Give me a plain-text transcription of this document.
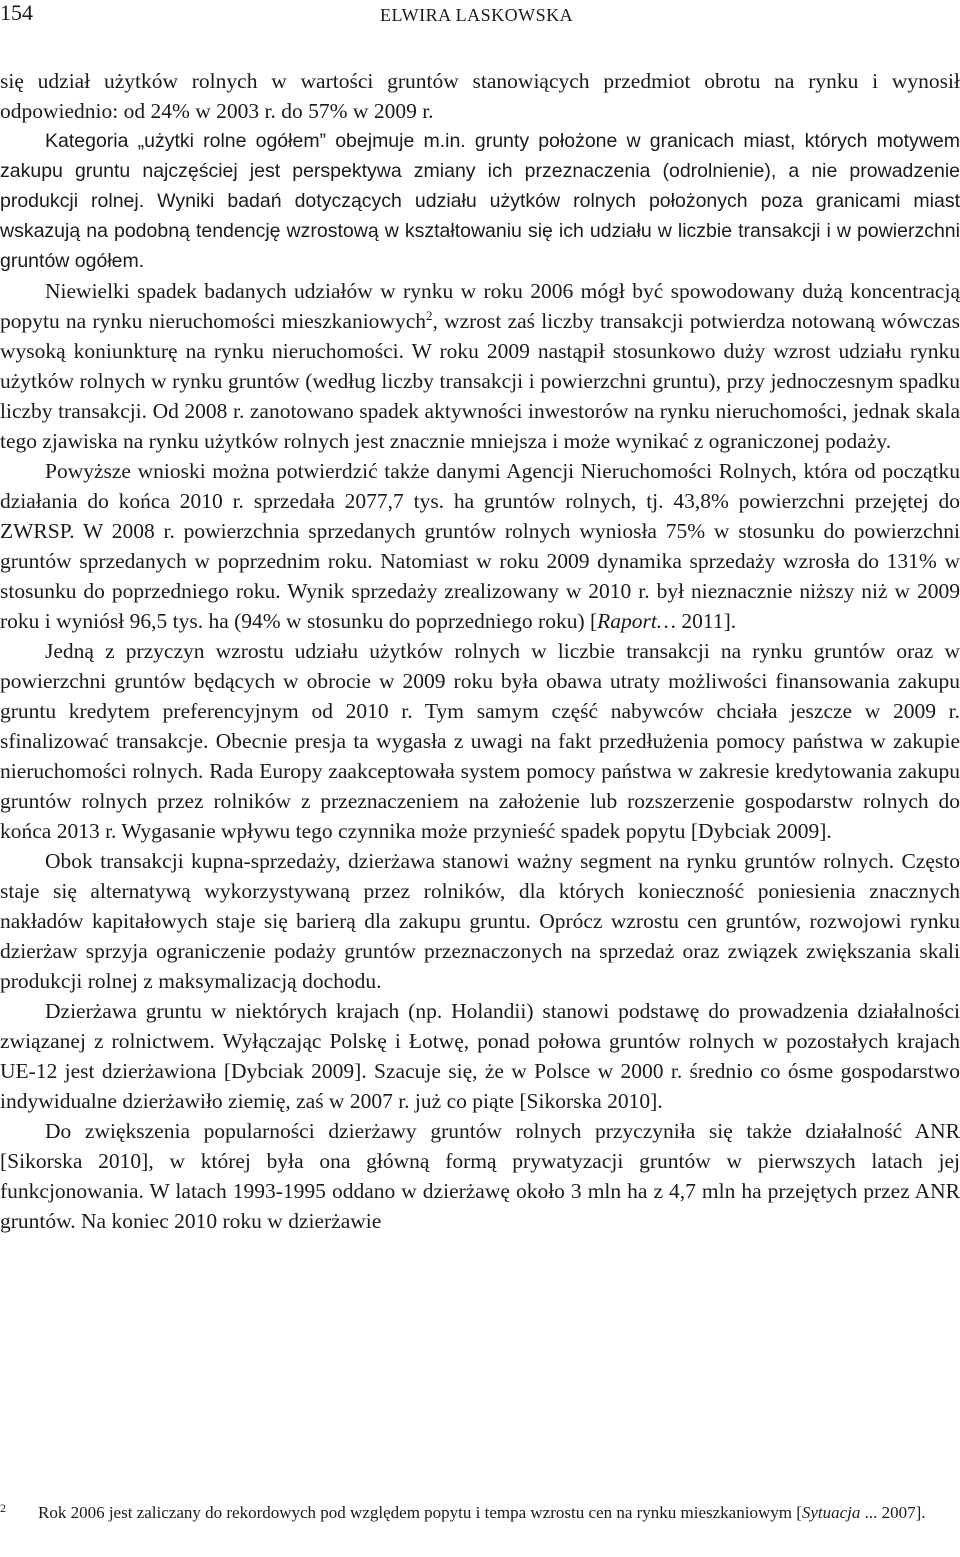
154	ELWIRA LASKOWSKA

się udział użytków rolnych w wartości gruntów stanowiących przedmiot obrotu na rynku i wynosił odpowiednio: od 24% w 2003 r. do 57% w 2009 r.

Kategoria „użytki rolne ogółem” obejmuje m.in. grunty położone w granicach miast, których motywem zakupu gruntu najczęściej jest perspektywa zmiany ich przeznaczenia (odrolnienie), a nie prowadzenie produkcji rolnej. Wyniki badań dotyczących udziału użytków rolnych położonych poza granicami miast wskazują na podobną tendencję wzrostową w kształtowaniu się ich udziału w liczbie transakcji i w powierzchni gruntów ogółem.

Niewielki spadek badanych udziałów w rynku w roku 2006 mógł być spowodowany dużą koncentracją popytu na rynku nieruchomości mieszkaniowych$^2$, wzrost zaś liczby transakcji potwierdza notowaną wówczas wysoką koniunkturę na rynku nieruchomości. W roku 2009 nastąpił stosunkowo duży wzrost udziału rynku użytków rolnych w rynku gruntów (według liczby transakcji i powierzchni gruntu), przy jednoczesnym spadku liczby transakcji. Od 2008 r. zanotowano spadek aktywności inwestorów na rynku nieruchomości, jednak skala tego zjawiska na rynku użytków rolnych jest znacznie mniejsza i może wynikać z ograniczonej podaży.

Powyższe wnioski można potwierdzić także danymi Agencji Nieruchomości Rolnych, która od początku działania do końca 2010 r. sprzedała 2077,7 tys. ha gruntów rolnych, tj. 43,8% powierzchni przejętej do ZWRSP. W 2008 r. powierzchnia sprzedanych gruntów rolnych wyniosła 75% w stosunku do powierzchni gruntów sprzedanych w poprzednim roku. Natomiast w roku 2009 dynamika sprzedaży wzrosła do 131% w stosunku do poprzedniego roku. Wynik sprzedaży zrealizowany w 2010 r. był nieznacznie niższy niż w 2009 roku i wyniósł 96,5 tys. ha (94% w stosunku do poprzedniego roku) [Raport… 2011].

Jedną z przyczyn wzrostu udziału użytków rolnych w liczbie transakcji na rynku gruntów oraz w powierzchni gruntów będących w obrocie w 2009 roku była obawa utraty możliwości finansowania zakupu gruntu kredytem preferencyjnym od 2010 r. Tym samym część nabywców chciała jeszcze w 2009 r. sfinalizować transakcje. Obecnie presja ta wygasła z uwagi na fakt przedłużenia pomocy państwa w zakupie nieruchomości rolnych. Rada Europy zaakceptowała system pomocy państwa w zakresie kredytowania zakupu gruntów rolnych przez rolników z przeznaczeniem na założenie lub rozszerzenie gospodarstw rolnych do końca 2013 r. Wygasanie wpływu tego czynnika może przynieść spadek popytu [Dybciak 2009].

Obok transakcji kupna-sprzedaży, dzierżawa stanowi ważny segment na rynku gruntów rolnych. Często staje się alternatywą wykorzystywaną przez rolników, dla których konieczność poniesienia znacznych nakładów kapitałowych staje się barierą dla zakupu gruntu. Oprócz wzrostu cen gruntów, rozwojowi rynku dzierżaw sprzyja ograniczenie podaży gruntów przeznaczonych na sprzedaż oraz związek zwiększania skali produkcji rolnej z maksymalizacją dochodu.

Dzierżawa gruntu w niektórych krajach (np. Holandii) stanowi podstawę do prowadzenia działalności związanej z rolnictwem. Wyłączając Polskę i Łotwę, ponad połowa gruntów rolnych w pozostałych krajach UE-12 jest dzierżawiona [Dybciak 2009]. Szacuje się, że w Polsce w 2000 r. średnio co ósme gospodarstwo indywidualne dzierżawiło ziemię, zaś w 2007 r. już co piąte [Sikorska 2010].

Do zwiększenia popularności dzierżawy gruntów rolnych przyczyniła się także działalność ANR [Sikorska 2010], w której była ona główną formą prywatyzacji gruntów w pierwszych latach jej funkcjonowania. W latach 1993-1995 oddano w dzierżawę około 3 mln ha z 4,7 mln ha przejętych przez ANR gruntów. Na koniec 2010 roku w dzierżawie

2 Rok 2006 jest zaliczany do rekordowych pod względem popytu i tempa wzrostu cen na rynku mieszkaniowym [Sytuacja ... 2007].
